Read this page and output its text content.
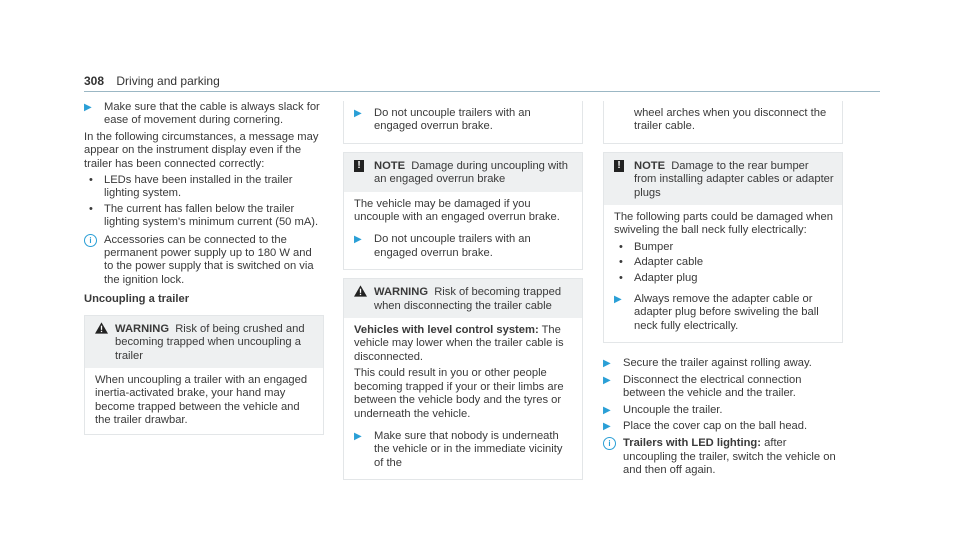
308 Driving and parking
▶ Make sure that the cable is always slack for ease of movement during cornering.

In the following circumstances, a message may appear on the instrument display even if the trailer has been connected correctly:

• LEDs have been installed in the trailer lighting system.
• The current has fallen below the trailer lighting system's minimum current (50 mA).
i	Accessories can be connected to the permanent power supply up to 180 W and to the power supply that is switched on via the ignition lock.
Uncoupling a trailer
WARNING Risk of being crushed and becoming trapped when uncoupling a trailer
When uncoupling a trailer with an engaged inertia-activated brake, your hand may become trapped between the vehicle and the trailer drawbar.
▶ Do not uncouple trailers with an engaged overrun brake.
! NOTE Damage during uncoupling with an engaged overrun brake

The vehicle may be damaged if you uncouple with an engaged overrun brake.

▶ Do not uncouple trailers with an engaged overrun brake.
WARNING Risk of becoming trapped when disconnecting the trailer cable

Vehicles with level control system: The vehicle may lower when the trailer cable is disconnected.

This could result in you or other people becoming trapped if your or their limbs are between the vehicle body and the tyres or underneath the vehicle.

▶ Make sure that nobody is underneath the vehicle or in the immediate vicinity of the
wheel arches when you disconnect the trailer cable.
! NOTE Damage to the rear bumper from installing adapter cables or adapter plugs

The following parts could be damaged when swiveling the ball neck fully electrically:

• Bumper
• Adapter cable
• Adapter plug
▶ Always remove the adapter cable or adapter plug before swiveling the ball neck fully electrically.
▶ Secure the trailer against rolling away.
▶ Disconnect the electrical connection between the vehicle and the trailer.
▶ Uncouple the trailer.
▶ Place the cover cap on the ball head.
i	Trailers with LED lighting: after uncoupling the trailer, switch the vehicle on and then off again.
